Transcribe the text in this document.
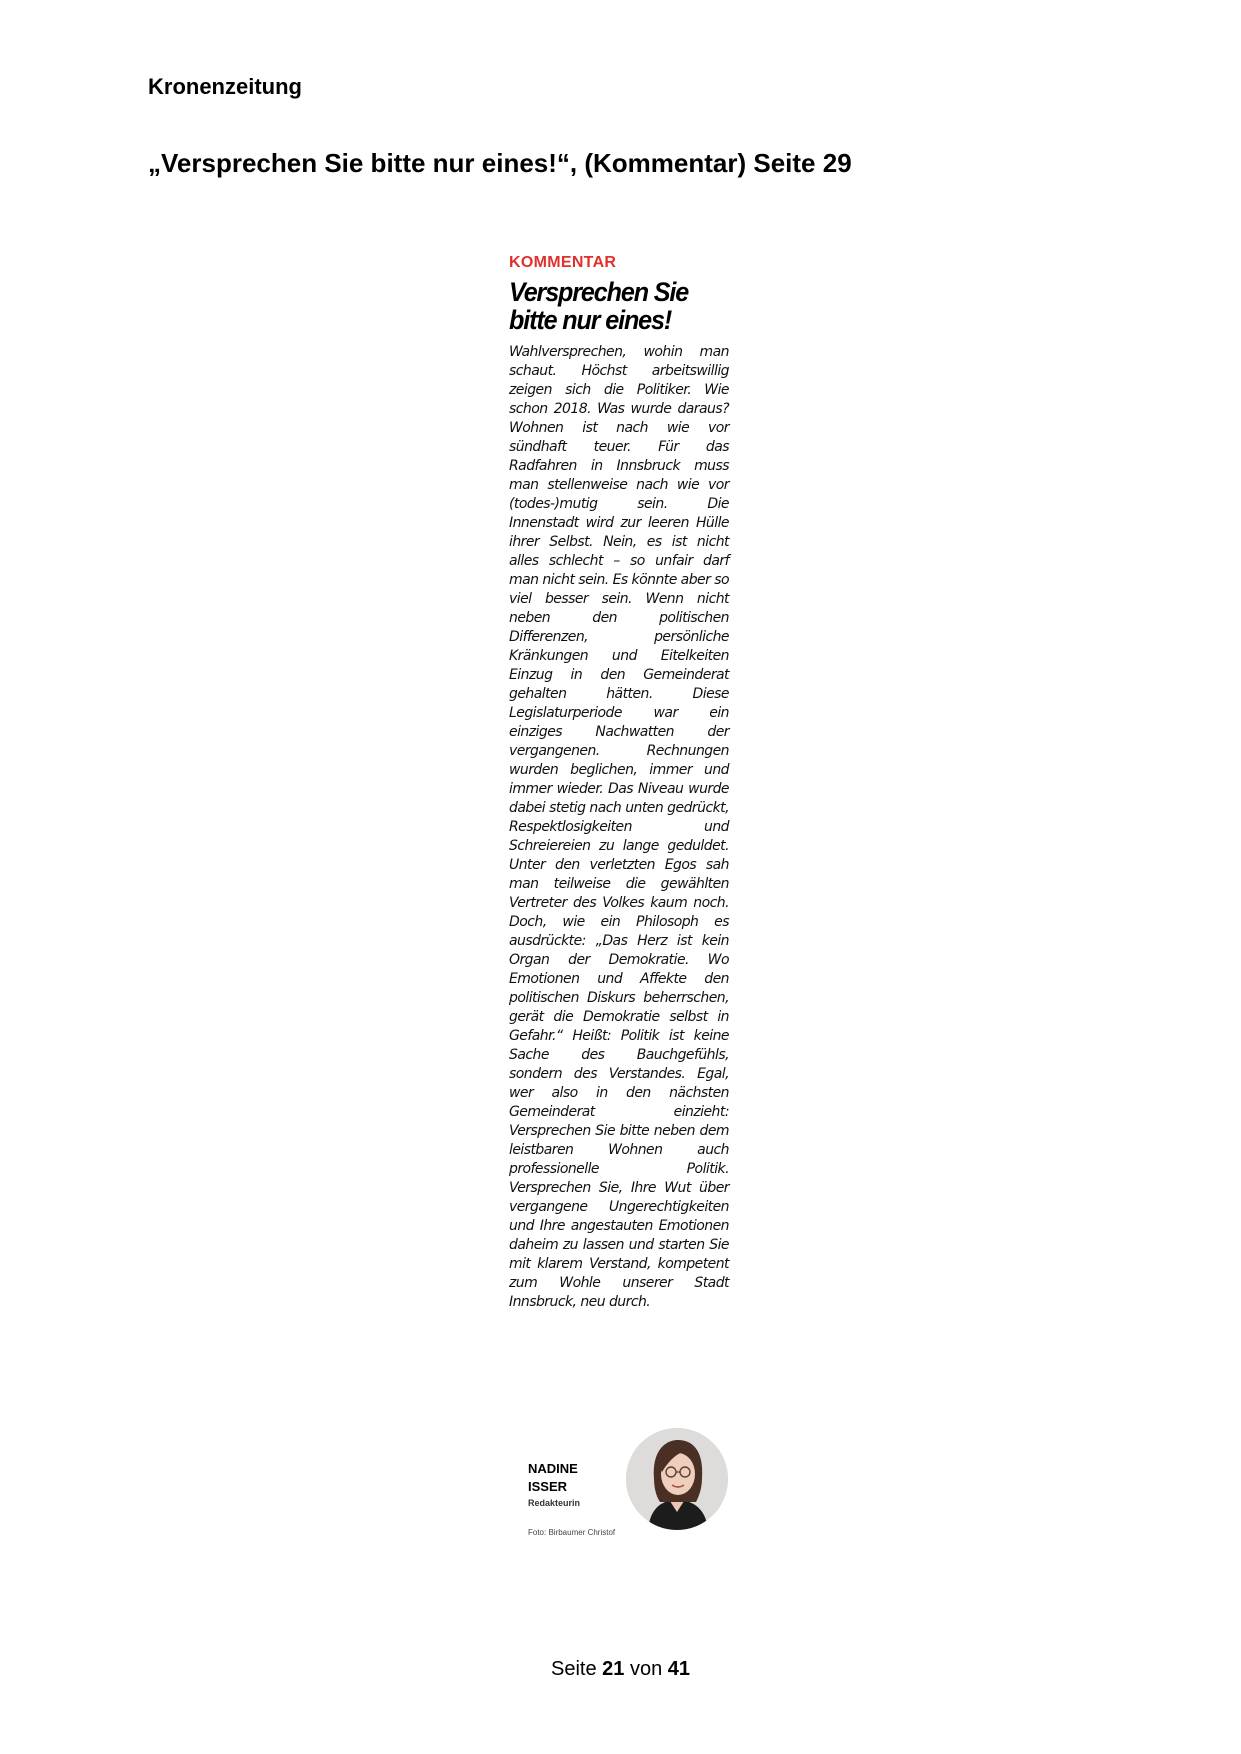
Kronenzeitung
„Versprechen Sie bitte nur eines!“, (Kommentar) Seite 29
KOMMENTAR
Versprechen Sie bitte nur eines!
Wahlversprechen, wohin man schaut. Höchst arbeitswillig zeigen sich die Politiker. Wie schon 2018. Was wurde daraus? Wohnen ist nach wie vor sündhaft teuer. Für das Radfahren in Innsbruck muss man stellenweise nach wie vor (todes-)mutig sein. Die Innenstadt wird zur leeren Hülle ihrer Selbst. Nein, es ist nicht alles schlecht – so unfair darf man nicht sein. Es könnte aber so viel besser sein. Wenn nicht neben den politischen Differenzen, persönliche Kränkungen und Eitelkeiten Einzug in den Gemeinderat gehalten hätten. Diese Legislaturperiode war ein einziges Nachwatten der vergangenen. Rechnungen wurden beglichen, immer und immer wieder. Das Niveau wurde dabei stetig nach unten gedrückt, Respektlosigkeiten und Schreiereien zu lange geduldet. Unter den verletzten Egos sah man teilweise die gewählten Vertreter des Volkes kaum noch. Doch, wie ein Philosoph es ausdrückte: „Das Herz ist kein Organ der Demokratie. Wo Emotionen und Affekte den politischen Diskurs beherrschen, gerät die Demokratie selbst in Gefahr.“ Heißt: Politik ist keine Sache des Bauchgefühls, sondern des Verstandes. Egal, wer also in den nächsten Gemeinderat einzieht: Versprechen Sie bitte neben dem leistbaren Wohnen auch professionelle Politik. Versprechen Sie, Ihre Wut über vergangene Ungerechtigkeiten und Ihre angestauten Emotionen daheim zu lassen und starten Sie mit klarem Verstand, kompetent zum Wohle unserer Stadt Innsbruck, neu durch.
NADINE
ISSER
Redakteurin
Foto: Birbaumer Christof
Seite 21 von 41
